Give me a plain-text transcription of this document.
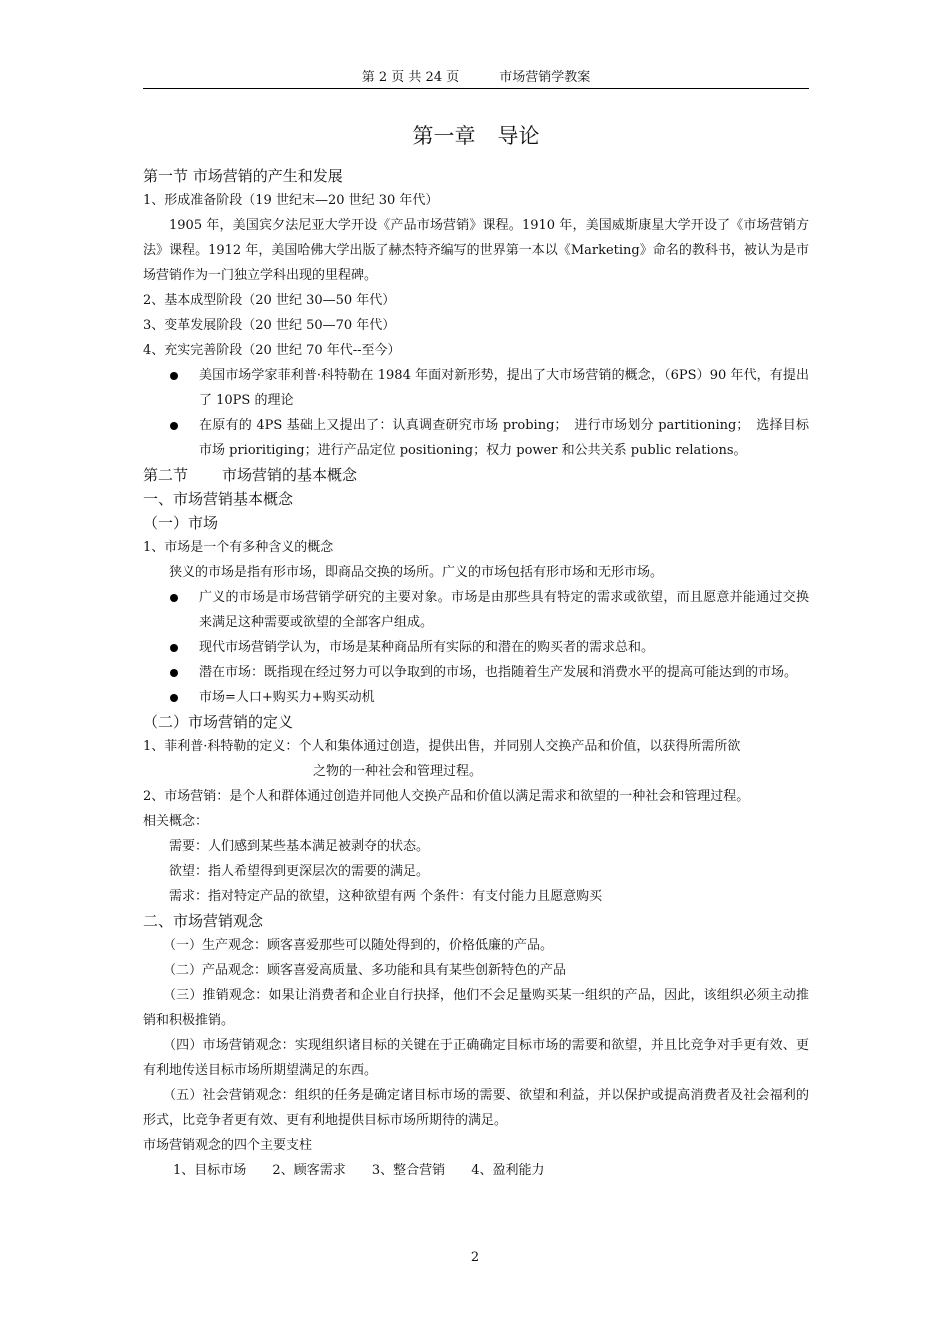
第 2 页 共 24 页	市场营销学教案
第一章 导论

第一节 市场营销的产生和发展

1、形成准备阶段（19 世纪末—20 世纪 30 年代）

1905 年，美国宾夕法尼亚大学开设《产品市场营销》课程。1910 年，美国威斯康星大学开设了《市场营销方法》课程。1912 年，美国哈佛大学出版了赫杰特齐编写的世界第一本以《Marketing》命名的教科书，被认为是市场营销作为一门独立学科出现的里程碑。

2、基本成型阶段（20 世纪 30—50 年代）

3、变革发展阶段（20 世纪 50—70 年代）

4、充实完善阶段（20 世纪 70 年代--至今）

美国市场学家菲利普·科特勒在 1984 年面对新形势，提出了大市场营销的概念，（6PS）90 年代，有提出了 10PS 的理论

在原有的 4PS 基础上又提出了：认真调查研究市场 probing；　进行市场划分 partitioning；　选择目标市场 prioritiging；进行产品定位 positioning；权力 power 和公共关系 public relations。

第二节 市场营销的基本概念

一、市场营销基本概念

（一）市场

1、市场是一个有多种含义的概念

狭义的市场是指有形市场，即商品交换的场所。广义的市场包括有形市场和无形市场。

广义的市场是市场营销学研究的主要对象。市场是由那些具有特定的需求或欲望，而且愿意并能通过交换来满足这种需要或欲望的全部客户组成。

现代市场营销学认为，市场是某种商品所有实际的和潜在的购买者的需求总和。

潜在市场：既指现在经过努力可以争取到的市场，也指随着生产发展和消费水平的提高可能达到的市场。

市场=人口+购买力+购买动机

（二）市场营销的定义

1、菲利普·科特勒的定义：个人和集体通过创造，提供出售，并同别人交换产品和价值，以获得所需所欲

之物的一种社会和管理过程。

2、市场营销：是个人和群体通过创造并同他人交换产品和价值以满足需求和欲望的一种社会和管理过程。

相关概念：

需要：人们感到某些基本满足被剥夺的状态。

欲望：指人希望得到更深层次的需要的满足。

需求：指对特定产品的欲望，这种欲望有两 个条件：有支付能力且愿意购买

二、市场营销观念

（一）生产观念：顾客喜爱那些可以随处得到的，价格低廉的产品。

（二）产品观念：顾客喜爱高质量、多功能和具有某些创新特色的产品

（三）推销观念：如果让消费者和企业自行抉择，他们不会足量购买某一组织的产品，因此，该组织必须主动推销和积极推销。

（四）市场营销观念：实现组织诸目标的关键在于正确确定目标市场的需要和欲望，并且比竞争对手更有效、更有利地传送目标市场所期望满足的东西。

（五）社会营销观念：组织的任务是确定诸目标市场的需要、欲望和利益，并以保护或提高消费者及社会福利的形式，比竞争者更有效、更有利地提供目标市场所期待的满足。

市场营销观念的四个主要支柱

1、目标市场 2、顾客需求 3、整合营销 4、盈利能力

2
